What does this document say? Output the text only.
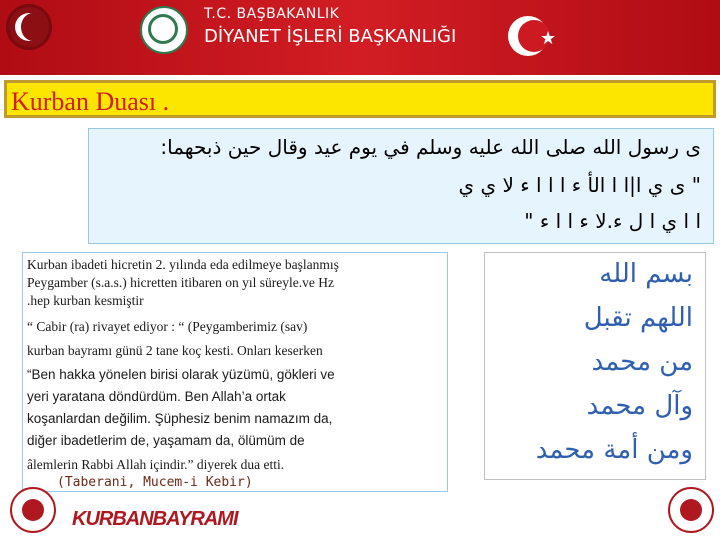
T.C. BAŞBAKANLIK
DİYANET İŞLERİ BAŞKANLIĞI	★
Kurban Duası .
ى رسول الله صلى الله عليه وسلم في يوم عيد وقال حين ذبحهما:
" ى ي ا|ا ا الأ ء ا ا ا ء لا ي ي
ا ا ي ا ل ء.لا ء ا ا ء "
Kurban ibadeti hicretin 2. yılında eda edilmeye başlanmış
Peygamber (s.a.s.) hicretten itibaren on yıl süreyle.ve Hz
.hep kurban kesmiştir
“ Cabir (ra) rivayet ediyor : “ (Peygamberimiz (sav)
kurban bayramı günü 2 tane koç kesti. Onları keserken
“Ben hakka yönelen birisi olarak yüzümü, gökleri ve
yeri yaratana döndürdüm. Ben Allah’a ortak
koşanlardan değilim. Şüphesiz benim namazım da,
diğer ibadetlerim de, yaşamam da, ölümüm de
âlemlerin Rabbi Allah içindir.” diyerek dua etti.
(Taberani, Mucem-i Kebir)
بسم الله
اللهم تقبل
من محمد
وآل محمد
ومن أمة محمد
KURBANBAYRAMI
